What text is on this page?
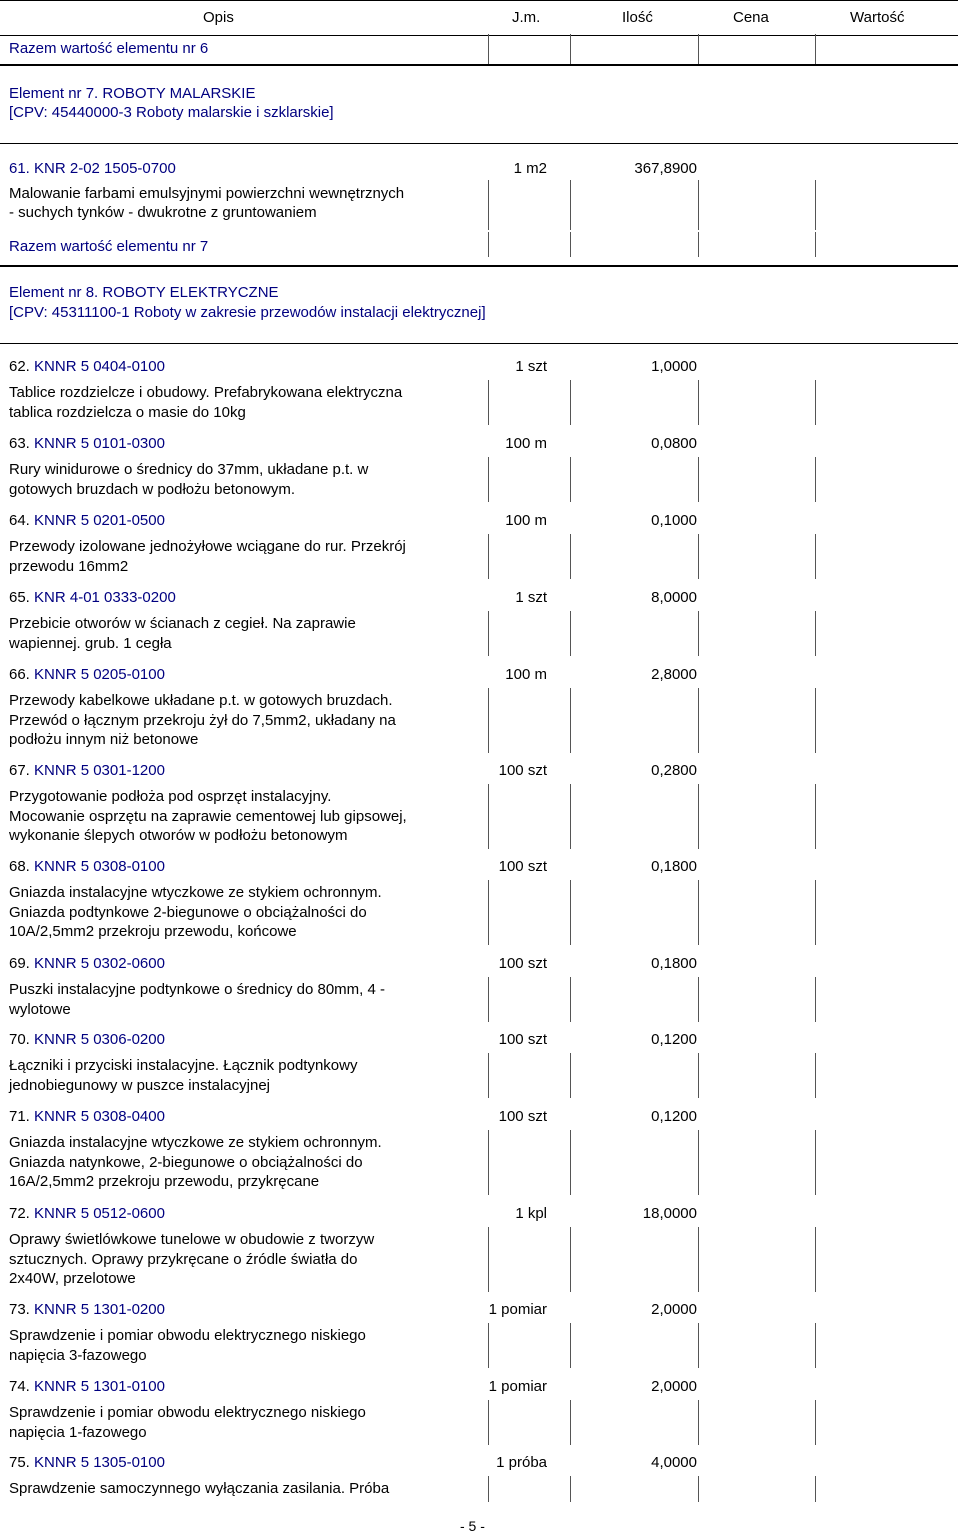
Opis	J.m.	Ilość	Cena	Wartość
Razem wartość elementu nr 6
Element nr 7. ROBOTY MALARSKIE
[CPV: 45440000-3 Roboty malarskie i szklarskie]
61. KNR 2-02 1505-0700
Malowanie farbami emulsyjnymi powierzchni wewnętrznych
- suchych tynków - dwukrotne z gruntowaniem
1 m2	367,8900
Razem wartość elementu nr 7
Element nr 8. ROBOTY ELEKTRYCZNE
[CPV: 45311100-1 Roboty w zakresie przewodów instalacji elektrycznej]
62. KNNR 5 0404-0100
Tablice rozdzielcze i obudowy. Prefabrykowana elektryczna
tablica rozdzielcza o masie do 10kg
1 szt	1,0000
63. KNNR 5 0101-0300
Rury winidurowe o średnicy do 37mm, układane p.t. w
gotowych bruzdach w podłożu betonowym.
100 m	0,0800
64. KNNR 5 0201-0500
Przewody izolowane jednożyłowe wciągane do rur. Przekrój
przewodu 16mm2
100 m	0,1000
65. KNR 4-01 0333-0200
Przebicie otworów w ścianach z cegieł. Na zaprawie
wapiennej. grub. 1 cegła
1 szt	8,0000
66. KNNR 5 0205-0100
Przewody kabelkowe układane p.t. w gotowych bruzdach.
Przewód o łącznym przekroju żył do 7,5mm2, układany na
podłożu innym niż betonowe
100 m	2,8000
67. KNNR 5 0301-1200
Przygotowanie podłoża pod osprzęt instalacyjny.
Mocowanie osprzętu na zaprawie cementowej lub gipsowej,
wykonanie ślepych otworów w podłożu betonowym
100 szt	0,2800
68. KNNR 5 0308-0100
Gniazda instalacyjne wtyczkowe ze stykiem ochronnym.
Gniazda podtynkowe 2-biegunowe o obciążalności do
10A/2,5mm2 przekroju przewodu, końcowe
100 szt	0,1800
69. KNNR 5 0302-0600
Puszki instalacyjne podtynkowe o średnicy do 80mm, 4 -
wylotowe
100 szt	0,1800
70. KNNR 5 0306-0200
Łączniki i przyciski instalacyjne. Łącznik podtynkowy
jednobiegunowy w puszce instalacyjnej
100 szt	0,1200
71. KNNR 5 0308-0400
Gniazda instalacyjne wtyczkowe ze stykiem ochronnym.
Gniazda natynkowe, 2-biegunowe o obciążalności do
16A/2,5mm2 przekroju przewodu, przykręcane
100 szt	0,1200
72. KNNR 5 0512-0600
Oprawy świetlówkowe tunelowe w obudowie z tworzyw
sztucznych. Oprawy przykręcane o źródle światła do
2x40W, przelotowe
1 kpl	18,0000
73. KNNR 5 1301-0200
Sprawdzenie i pomiar obwodu elektrycznego niskiego
napięcia 3-fazowego
1 pomiar	2,0000
74. KNNR 5 1301-0100
Sprawdzenie i pomiar obwodu elektrycznego niskiego
napięcia 1-fazowego
1 pomiar	2,0000
75. KNNR 5 1305-0100
Sprawdzenie samoczynnego wyłączania zasilania. Próba
1 próba	4,0000
- 5 -
